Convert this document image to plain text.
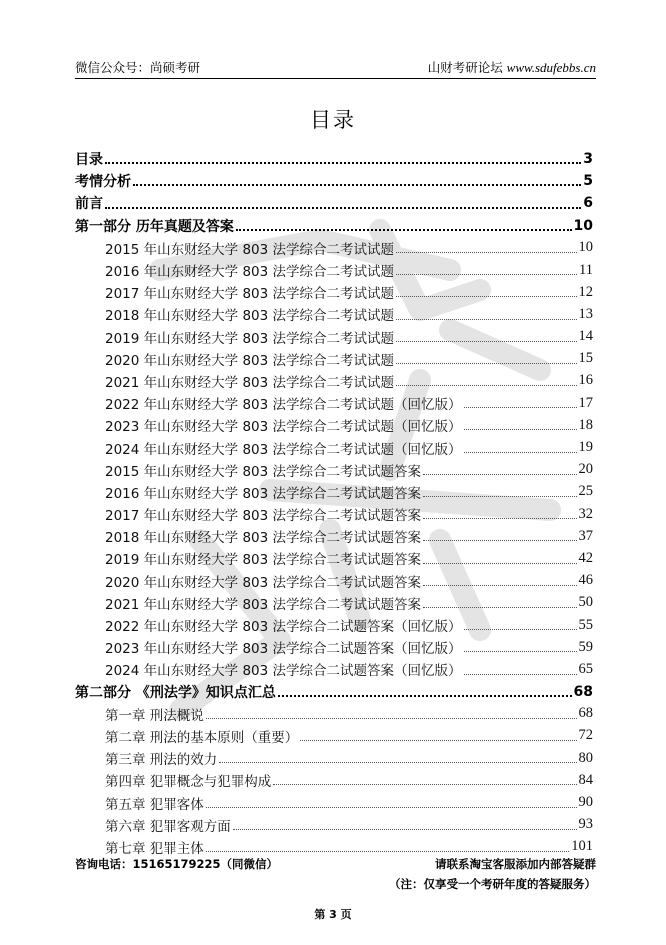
微信公众号：尚硕考研	山财考研论坛 www.sdufebbs.cn
目录
目录	3
考情分析	5
前言	6
第一部分 历年真题及答案	10
2015 年山东财经大学 803 法学综合二考试试题	10
2016 年山东财经大学 803 法学综合二考试试题	11
2017 年山东财经大学 803 法学综合二考试试题	12
2018 年山东财经大学 803 法学综合二考试试题	13
2019 年山东财经大学 803 法学综合二考试试题	14
2020 年山东财经大学 803 法学综合二考试试题	15
2021 年山东财经大学 803 法学综合二考试试题	16
2022 年山东财经大学 803 法学综合二考试试题（回忆版）	17
2023 年山东财经大学 803 法学综合二考试试题（回忆版）	18
2024 年山东财经大学 803 法学综合二考试试题（回忆版）	19
2015 年山东财经大学 803 法学综合二考试试题答案	20
2016 年山东财经大学 803 法学综合二考试试题答案	25
2017 年山东财经大学 803 法学综合二考试试题答案	32
2018 年山东财经大学 803 法学综合二考试试题答案	37
2019 年山东财经大学 803 法学综合二考试试题答案	42
2020 年山东财经大学 803 法学综合二考试试题答案	46
2021 年山东财经大学 803 法学综合二考试试题答案	50
2022 年山东财经大学 803 法学综合二试题答案（回忆版）	55
2023 年山东财经大学 803 法学综合二试题答案（回忆版）	59
2024 年山东财经大学 803 法学综合二试题答案（回忆版）	65
第二部分 《刑法学》知识点汇总	68
第一章 刑法概说	68
第二章 刑法的基本原则（重要）	72
第三章 刑法的效力	80
第四章 犯罪概念与犯罪构成	84
第五章 犯罪客体	90
第六章 犯罪客观方面	93
第七章 犯罪主体	101
咨询电话：15165179225（同微信）	请联系淘宝客服添加内部答疑群
（注：仅享受一个考研年度的答疑服务）
第 3 页
